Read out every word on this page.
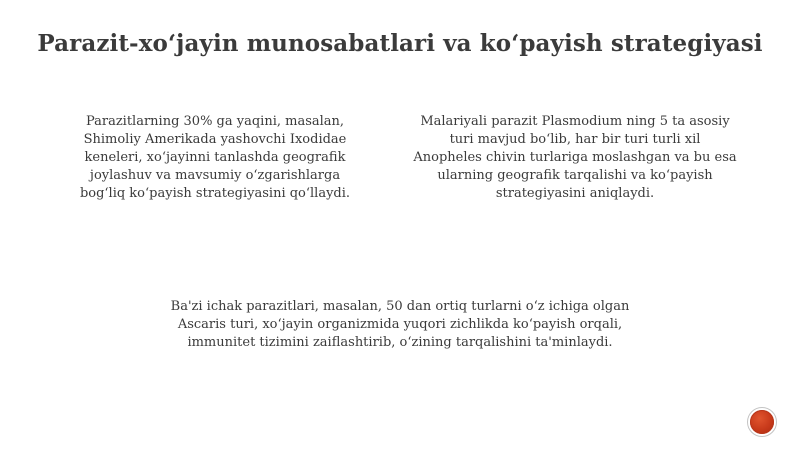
Parazit-xo‘jayin munosabatlari va ko‘payish strategiyasi
Parazitlarning 30% ga yaqini, masalan,
Shimoliy Amerikada yashovchi Ixodidae
keneleri, xo‘jayinni tanlashda geografik
joylashuv va mavsumiy o‘zgarishlarga
bog‘liq ko‘payish strategiyasini qo‘llaydi.
Malariyali parazit Plasmodium ning 5 ta asosiy
turi mavjud bo‘lib, har bir turi turli xil
Anopheles chivin turlariga moslashgan va bu esa
ularning geografik tarqalishi va ko‘payish
strategiyasini aniqlaydi.
Ba'zi ichak parazitlari, masalan, 50 dan ortiq turlarni o‘z ichiga olgan
Ascaris turi, xo‘jayin organizmida yuqori zichlikda ko‘payish orqali,
immunitet tizimini zaiflashtirib, o‘zining tarqalishini ta'minlaydi.
